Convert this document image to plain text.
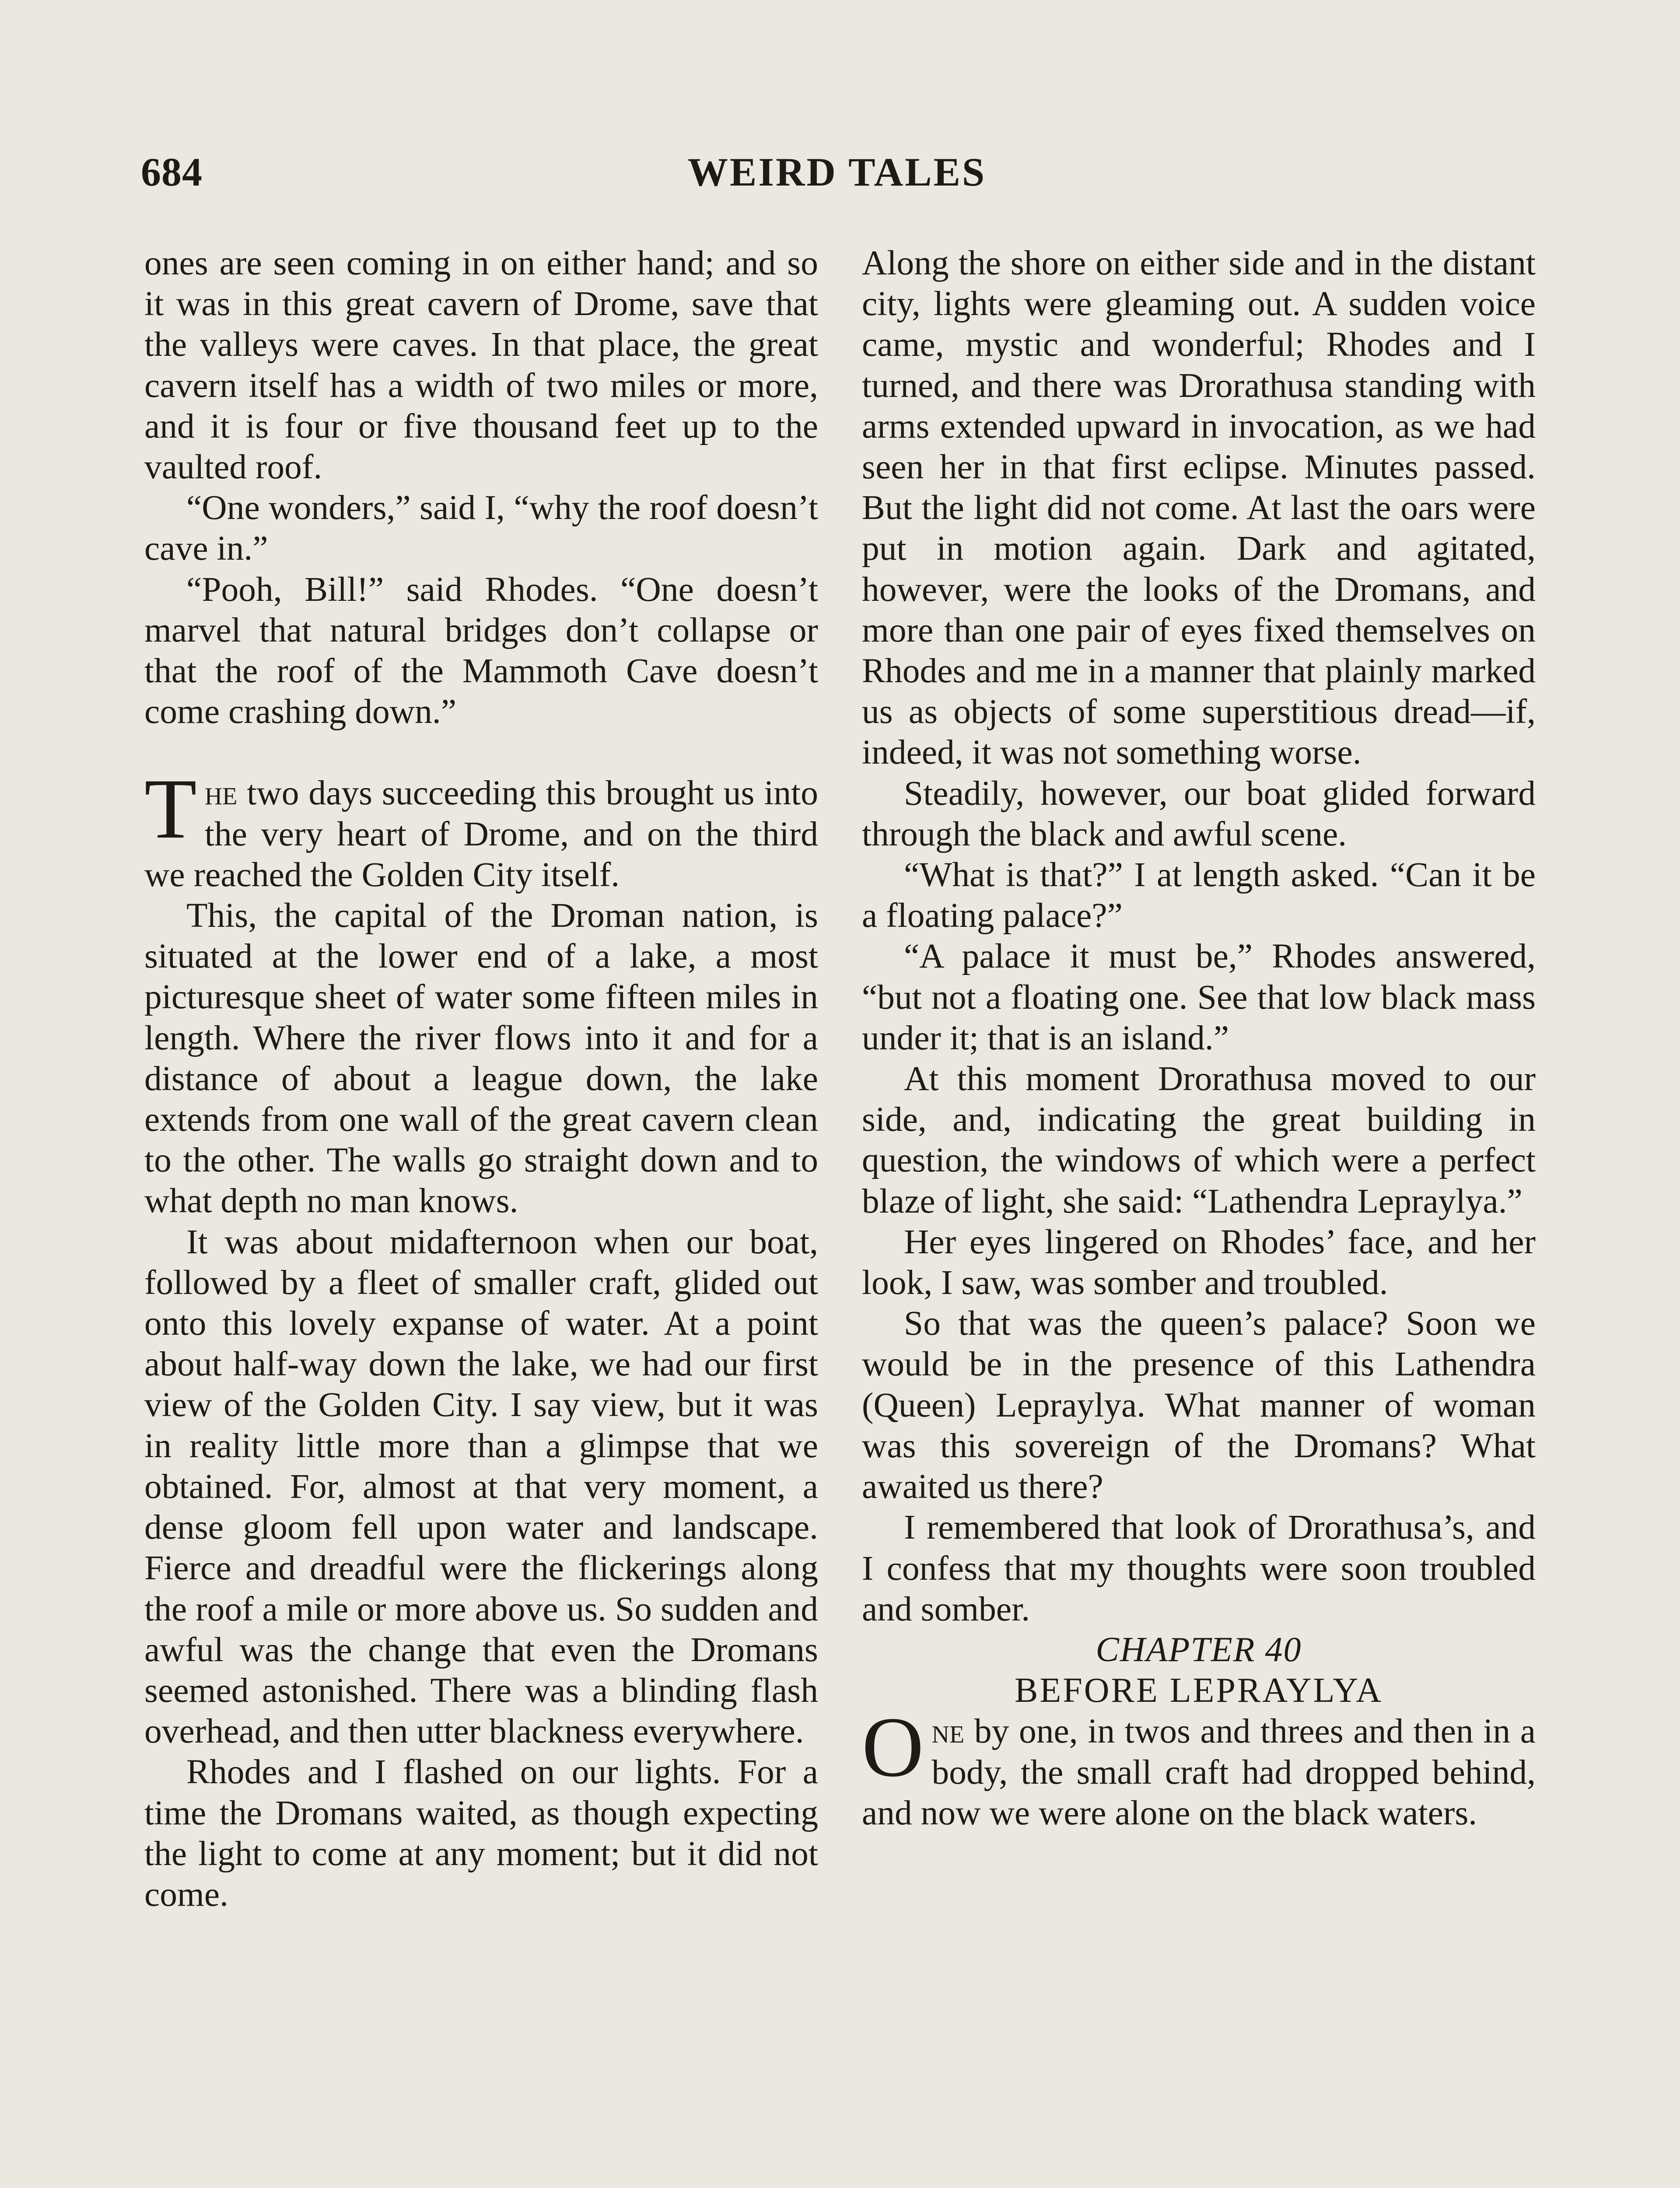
684	WEIRD TALES

ones are seen coming in on either hand; and so it was in this great cavern of Drome, save that the valleys were caves. In that place, the great cavern itself has a width of two miles or more, and it is four or five thousand feet up to the vaulted roof.

“One wonders,” said I, “why the roof doesn’t cave in.”

“Pooh, Bill!” said Rhodes. “One doesn’t marvel that natural bridges don’t collapse or that the roof of the Mammoth Cave doesn’t come crashing down.”

The two days succeeding this brought us into the very heart of Drome, and on the third we reached the Golden City itself.

This, the capital of the Droman nation, is situated at the lower end of a lake, a most picturesque sheet of water some fifteen miles in length. Where the river flows into it and for a distance of about a league down, the lake extends from one wall of the great cavern clean to the other. The walls go straight down and to what depth no man knows.

It was about midafternoon when our boat, followed by a fleet of smaller craft, glided out onto this lovely expanse of water. At a point about half-way down the lake, we had our first view of the Golden City. I say view, but it was in reality little more than a glimpse that we obtained. For, almost at that very moment, a dense gloom fell upon water and landscape. Fierce and dreadful were the flickerings along the roof a mile or more above us. So sudden and awful was the change that even the Dromans seemed astonished. There was a blinding flash overhead, and then utter blackness everywhere.

Rhodes and I flashed on our lights. For a time the Dromans waited, as though expecting the light to come at any moment; but it did not come.

Along the shore on either side and in the distant city, lights were gleaming out. A sudden voice came, mystic and wonderful; Rhodes and I turned, and there was Drorathusa standing with arms extended upward in invocation, as we had seen her in that first eclipse. Minutes passed. But the light did not come. At last the oars were put in motion again. Dark and agitated, however, were the looks of the Dromans, and more than one pair of eyes fixed themselves on Rhodes and me in a manner that plainly marked us as objects of some superstitious dread—if, indeed, it was not something worse.

Steadily, however, our boat glided forward through the black and awful scene.

“What is that?” I at length asked. “Can it be a floating palace?”

“A palace it must be,” Rhodes answered, “but not a floating one. See that low black mass under it; that is an island.”

At this moment Drorathusa moved to our side, and, indicating the great building in question, the windows of which were a perfect blaze of light, she said: “Lathendra Lepraylya.”

Her eyes lingered on Rhodes’ face, and her look, I saw, was somber and troubled.

So that was the queen’s palace? Soon we would be in the presence of this Lathendra (Queen) Lepraylya. What manner of woman was this sovereign of the Dromans? What awaited us there?

I remembered that look of Drorathusa’s, and I confess that my thoughts were soon troubled and somber.

CHAPTER 40

BEFORE LEPRAYLYA

One by one, in twos and threes and then in a body, the small craft had dropped behind, and now we were alone on the black waters.
